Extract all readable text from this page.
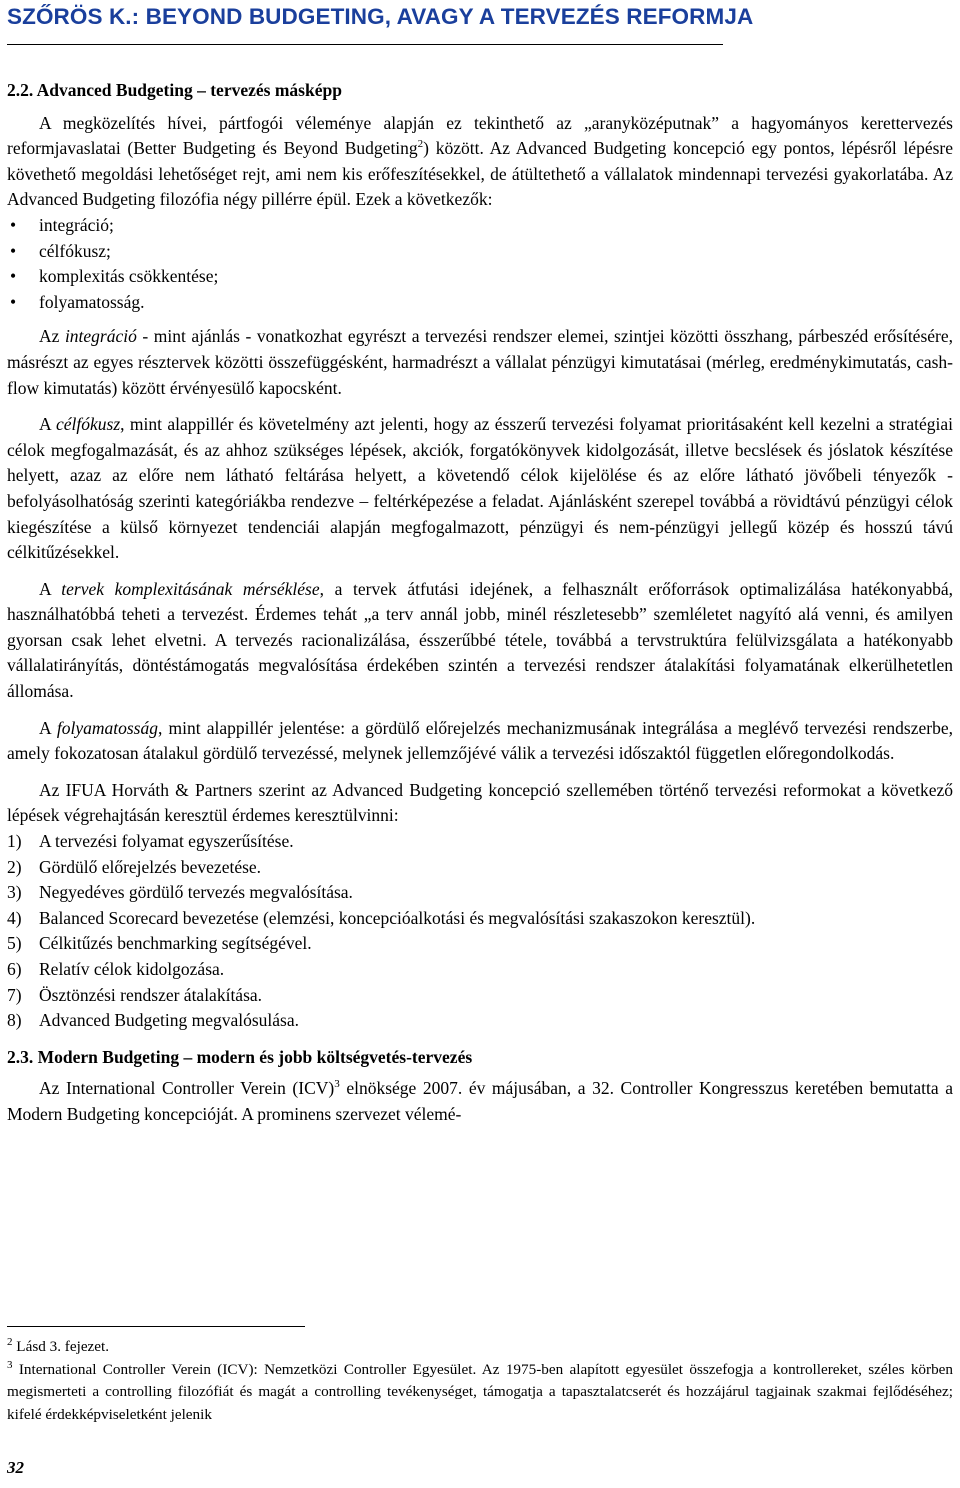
SZŐRÖS K.: BEYOND BUDGETING, AVAGY A TERVEZÉS REFORMJA

2.2. Advanced Budgeting – tervezés másképp

A megközelítés hívei, pártfogói véleménye alapján ez tekinthető az „aranyközéputnak” a hagyományos kerettervezés reformjavaslatai (Better Budgeting és Beyond Budgeting$^2$) között. Az Advanced Budgeting koncepció egy pontos, lépésről lépésre követhető megoldási lehetőséget rejt, ami nem kis erőfeszítésekkel, de átültethető a vállalatok mindennapi tervezési gyakorlatába. Az Advanced Budgeting filozófia négy pillérre épül. Ezek a következők:

• integráció;
• célfókusz;
• komplexitás csökkentése;
• folyamatosság.

Az integráció - mint ajánlás - vonatkozhat egyrészt a tervezési rendszer elemei, szintjei közötti összhang, párbeszéd erősítésére, másrészt az egyes résztervek közötti összefüggésként, harmadrészt a vállalat pénzügyi kimutatásai (mérleg, eredménykimutatás, cash-flow kimutatás) között érvényesülő kapocsként.

A célfókusz, mint alappillér és követelmény azt jelenti, hogy az ésszerű tervezési folyamat prioritásaként kell kezelni a stratégiai célok megfogalmazását, és az ahhoz szükséges lépések, akciók, forgatókönyvek kidolgozását, illetve becslések és jóslatok készítése helyett, azaz az előre nem látható feltárása helyett, a követendő célok kijelölése és az előre látható jövőbeli tényezők - befolyásolhatóság szerinti kategóriákba rendezve – feltérképezése a feladat. Ajánlásként szerepel továbbá a rövidtávú pénzügyi célok kiegészítése a külső környezet tendenciái alapján megfogalmazott, pénzügyi és nem-pénzügyi jellegű közép és hosszú távú célkitűzésekkel.

A tervek komplexitásának mérséklése, a tervek átfutási idejének, a felhasznált erőforrások optimalizálása hatékonyabbá, használhatóbbá teheti a tervezést. Érdemes tehát „a terv annál jobb, minél részletesebb” szemléletet nagyító alá venni, és amilyen gyorsan csak lehet elvetni. A tervezés racionalizálása, ésszerűbbé tétele, továbbá a tervstruktúra felülvizsgálata a hatékonyabb vállalatirányítás, döntéstámogatás megvalósítása érdekében szintén a tervezési rendszer átalakítási folyamatának elkerülhetetlen állomása.

A folyamatosság, mint alappillér jelentése: a gördülő előrejelzés mechanizmusának integrálása a meglévő tervezési rendszerbe, amely fokozatosan átalakul gördülő tervezéssé, melynek jellemzőjévé válik a tervezési időszaktól független előregondolkodás.

Az IFUA Horváth & Partners szerint az Advanced Budgeting koncepció szellemében történő tervezési reformokat a következő lépések végrehajtásán keresztül érdemes keresztülvinni:

1) A tervezési folyamat egyszerűsítése.
2) Gördülő előrejelzés bevezetése.
3) Negyedéves gördülő tervezés megvalósítása.
4) Balanced Scorecard bevezetése (elemzési, koncepcióalkotási és megvalósítási szakaszokon keresztül).
5) Célkitűzés benchmarking segítségével.
6) Relatív célok kidolgozása.
7) Ösztönzési rendszer átalakítása.
8) Advanced Budgeting megvalósulása.

2.3. Modern Budgeting – modern és jobb költségvetés-tervezés

Az International Controller Verein (ICV)$^3$ elnöksége 2007. év májusában, a 32. Controller Kongresszus keretében bemutatta a Modern Budgeting koncepcióját. A prominens szervezet vélemé-

$^2$ Lásd 3. fejezet.

$^3$ International Controller Verein (ICV): Nemzetközi Controller Egyesület. Az 1975-ben alapított egyesület összefogja a kontrollereket, széles körben megismerteti a controlling filozófiát és magát a controlling tevékenységet, támogatja a tapasztalatcserét és hozzájárul tagjainak szakmai fejlődéséhez; kifelé érdekképviseletként jelenik

32
